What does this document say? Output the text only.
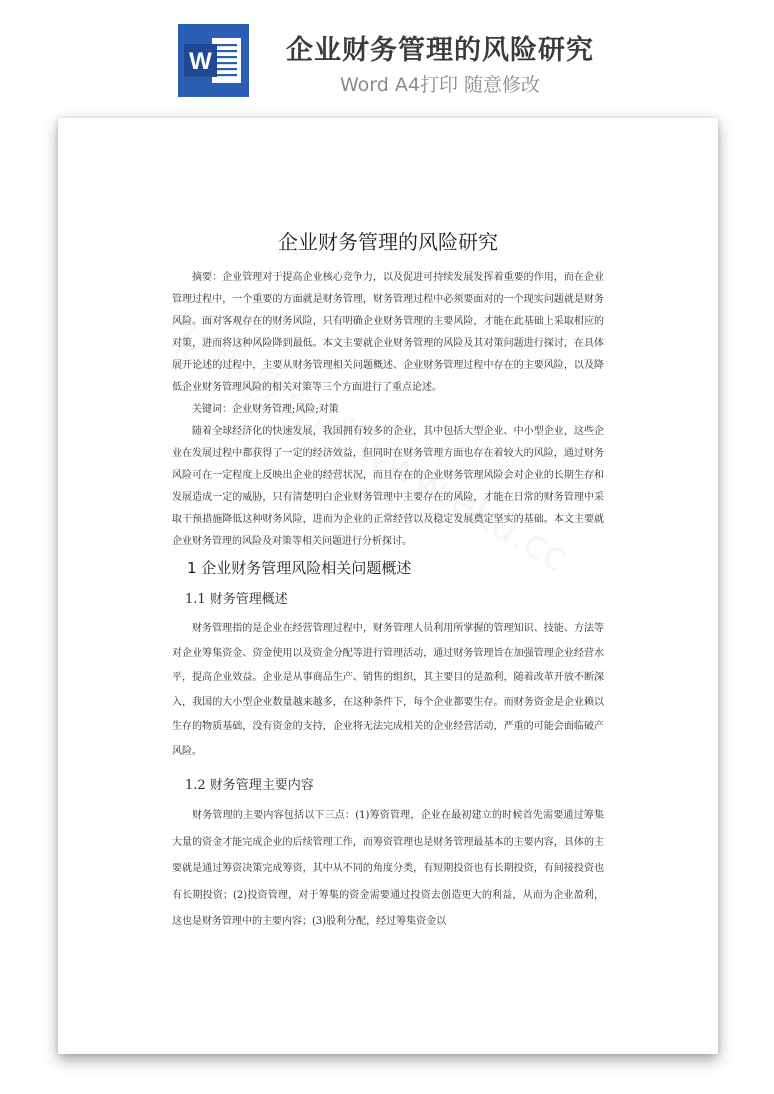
W	企业财务管理的风险研究
Word A4打印 随意修改
企业财务管理的风险研究

摘要：企业管理对于提高企业核心竞争力，以及促进可持续发展发挥着重要的作用，而在企业管理过程中，一个重要的方面就是财务管理，财务管理过程中必须要面对的一个现实问题就是财务风险。面对客观存在的财务风险，只有明确企业财务管理的主要风险，才能在此基础上采取相应的对策，进而将这种风险降到最低。本文主要就企业财务管理的风险及其对策问题进行探讨，在具体展开论述的过程中，主要从财务管理相关问题概述、企业财务管理过程中存在的主要风险，以及降低企业财务管理风险的相关对策等三个方面进行了重点论述。

关键词：企业财务管理;风险;对策

随着全球经济化的快速发展，我国拥有较多的企业，其中包括大型企业、中小型企业，这些企业在发展过程中都获得了一定的经济效益，但同时在财务管理方面也存在着较大的风险，通过财务风险可在一定程度上反映出企业的经营状况，而且存在的企业财务管理风险会对企业的长期生存和发展造成一定的威胁，只有清楚明白企业财务管理中主要存在的风险，才能在日常的财务管理中采取干预措施降低这种财务风险，进而为企业的正常经营以及稳定发展奠定坚实的基础。本文主要就企业财务管理的风险及对策等相关问题进行分析探讨。

1 企业财务管理风险相关问题概述
1.1 财务管理概述

财务管理指的是企业在经营管理过程中，财务管理人员利用所掌握的管理知识、技能、方法等对企业筹集资金、资金使用以及资金分配等进行管理活动，通过财务管理旨在加强管理企业经营水平，提高企业效益。企业是从事商品生产、销售的组织，其主要目的是盈利，随着改革开放不断深入，我国的大小型企业数量越来越多，在这种条件下，每个企业都要生存。而财务资金是企业赖以生存的物质基础，没有资金的支持，企业将无法完成相关的企业经营活动，严重的可能会面临破产风险。

1.2 财务管理主要内容

财务管理的主要内容包括以下三点：(1)筹资管理，企业在最初建立的时候首先需要通过筹集大量的资金才能完成企业的后续管理工作，而筹资管理也是财务管理最基本的主要内容，具体的主要就是通过筹资决策完成筹资，其中从不同的角度分类，有短期投资也有长期投资，有间接投资也有长期投资；(2)投资管理，对于筹集的资金需要通过投资去创造更大的利益，从而为企业盈利，这也是财务管理中的主要内容；(3)股利分配，经过筹集资金以
